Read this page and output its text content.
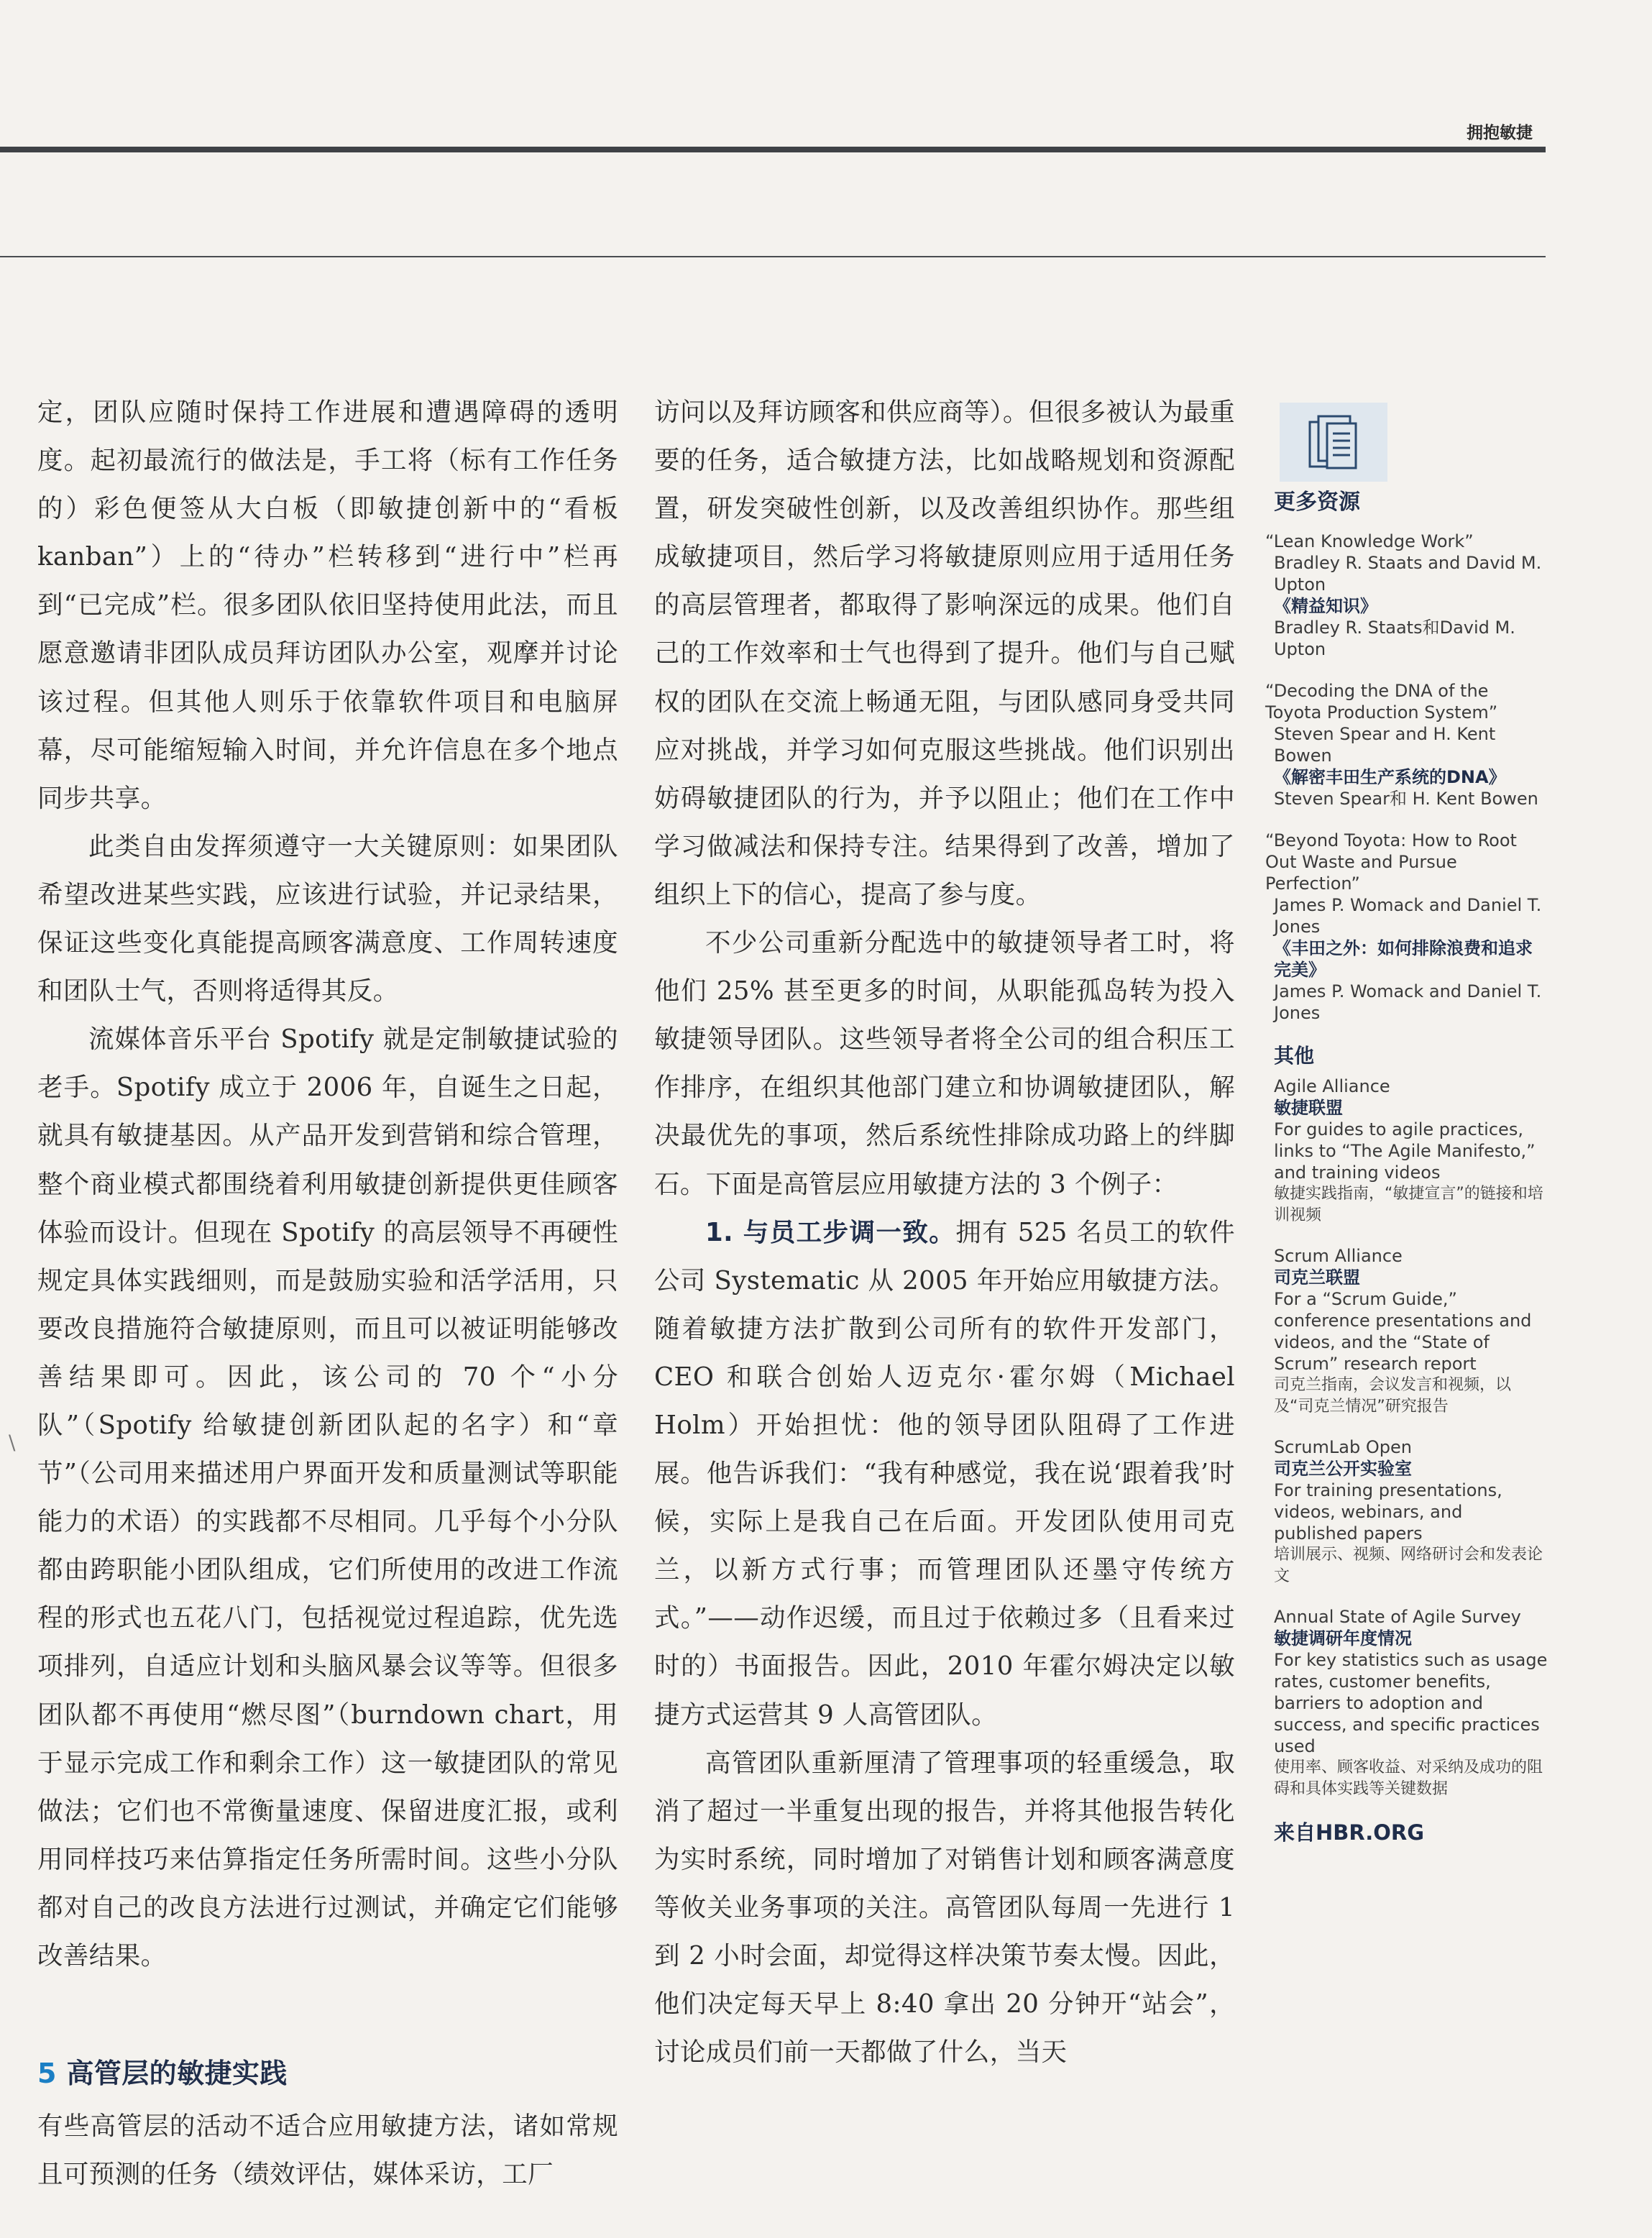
拥抱敏捷
\

定，团队应随时保持工作进展和遭遇障碍的透明度。起初最流行的做法是，手工将（标有工作任务的）彩色便签从大白板（即敏捷创新中的“看板 kanban”）上的“待办”栏转移到“进行中”栏再到“已完成”栏。很多团队依旧坚持使用此法，而且愿意邀请非团队成员拜访团队办公室，观摩并讨论该过程。但其他人则乐于依靠软件项目和电脑屏幕，尽可能缩短输入时间，并允许信息在多个地点同步共享。

此类自由发挥须遵守一大关键原则：如果团队希望改进某些实践，应该进行试验，并记录结果，保证这些变化真能提高顾客满意度、工作周转速度和团队士气，否则将适得其反。

流媒体音乐平台 Spotify 就是定制敏捷试验的老手。Spotify 成立于 2006 年，自诞生之日起，就具有敏捷基因。从产品开发到营销和综合管理，整个商业模式都围绕着利用敏捷创新提供更佳顾客体验而设计。但现在 Spotify 的高层领导不再硬性规定具体实践细则，而是鼓励实验和活学活用，只要改良措施符合敏捷原则，而且可以被证明能够改善结果即可。因此，该公司的 70 个“小分队”（Spotify 给敏捷创新团队起的名字）和“章节”（公司用来描述用户界面开发和质量测试等职能能力的术语）的实践都不尽相同。几乎每个小分队都由跨职能小团队组成，它们所使用的改进工作流程的形式也五花八门，包括视觉过程追踪，优先选项排列，自适应计划和头脑风暴会议等等。但很多团队都不再使用“燃尽图”（burndown chart，用于显示完成工作和剩余工作）这一敏捷团队的常见做法；它们也不常衡量速度、保留进度汇报，或利用同样技巧来估算指定任务所需时间。这些小分队都对自己的改良方法进行过测试，并确定它们能够改善结果。

5 高管层的敏捷实践

有些高管层的活动不适合应用敏捷方法，诸如常规且可预测的任务（绩效评估，媒体采访，工厂

访问以及拜访顾客和供应商等）。但很多被认为最重要的任务，适合敏捷方法，比如战略规划和资源配置，研发突破性创新，以及改善组织协作。那些组成敏捷项目，然后学习将敏捷原则应用于适用任务的高层管理者，都取得了影响深远的成果。他们自己的工作效率和士气也得到了提升。他们与自己赋权的团队在交流上畅通无阻，与团队感同身受共同应对挑战，并学习如何克服这些挑战。他们识别出妨碍敏捷团队的行为，并予以阻止；他们在工作中学习做减法和保持专注。结果得到了改善，增加了组织上下的信心，提高了参与度。

不少公司重新分配选中的敏捷领导者工时，将他们 25% 甚至更多的时间，从职能孤岛转为投入敏捷领导团队。这些领导者将全公司的组合积压工作排序，在组织其他部门建立和协调敏捷团队，解决最优先的事项，然后系统性排除成功路上的绊脚石。下面是高管层应用敏捷方法的 3 个例子：

1. 与员工步调一致。拥有 525 名员工的软件公司 Systematic 从 2005 年开始应用敏捷方法。随着敏捷方法扩散到公司所有的软件开发部门，CEO 和联合创始人迈克尔·霍尔姆（Michael Holm）开始担忧：他的领导团队阻碍了工作进展。他告诉我们：“我有种感觉，我在说‘跟着我’时候，实际上是我自己在后面。开发团队使用司克兰，以新方式行事；而管理团队还墨守传统方式。”——动作迟缓，而且过于依赖过多（且看来过时的）书面报告。因此，2010 年霍尔姆决定以敏捷方式运营其 9 人高管团队。

高管团队重新厘清了管理事项的轻重缓急，取消了超过一半重复出现的报告，并将其他报告转化为实时系统，同时增加了对销售计划和顾客满意度等攸关业务事项的关注。高管团队每周一先进行 1 到 2 小时会面，却觉得这样决策节奏太慢。因此，他们决定每天早上 8:40 拿出 20 分钟开“站会”，讨论成员们前一天都做了什么，当天

更多资源
“Lean Knowledge Work”
Bradley R. Staats and David M. Upton
《精益知识》
Bradley R. Staats和David M. Upton
“Decoding the DNA of the Toyota Production System”
Steven Spear and H. Kent Bowen
《解密丰田生产系统的DNA》
Steven Spear和 H. Kent Bowen
“Beyond Toyota: How to Root Out Waste and Pursue Perfection”
James P. Womack and Daniel T. Jones
《丰田之外：如何排除浪费和追求完美》
James P. Womack and Daniel T. Jones
其他
Agile Alliance
敏捷联盟
For guides to agile practices, links to “The Agile Manifesto,” and training videos
敏捷实践指南，“敏捷宣言”的链接和培训视频
Scrum Alliance
司克兰联盟
For a “Scrum Guide,” conference presentations and videos, and the “State of Scrum” research report
司克兰指南，会议发言和视频，以及“司克兰情况”研究报告
ScrumLab Open
司克兰公开实验室
For training presentations, videos, webinars, and published papers
培训展示、视频、网络研讨会和发表论文
Annual State of Agile Survey
敏捷调研年度情况
For key statistics such as usage rates, customer benefits, barriers to adoption and success, and specific practices used
使用率、顾客收益、对采纳及成功的阻碍和具体实践等关键数据
来自HBR.ORG
